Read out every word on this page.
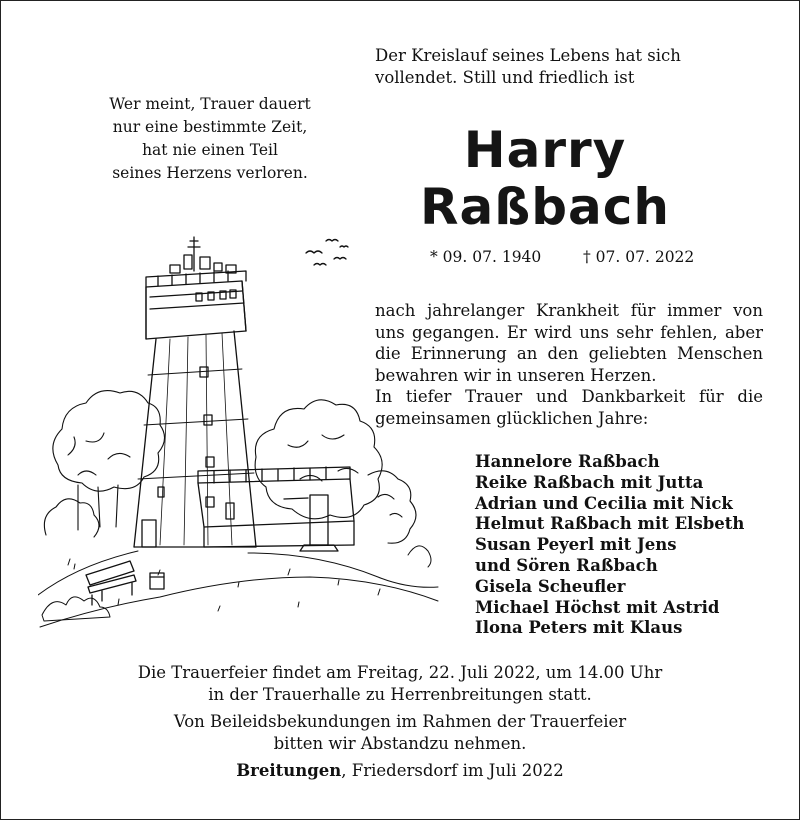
Wer meint, Trauer dauert
nur eine bestimmte Zeit,
hat nie einen Teil
seines Herzens verloren.
Der Kreislauf seines Lebens hat sich
vollendet. Still und friedlich ist
Harry
Raßbach
* 09. 07. 1940	† 07. 07. 2022
nach jahrelanger Krankheit für immer von
uns gegangen. Er wird uns sehr fehlen, aber
die Erinnerung an den geliebten Menschen
bewahren wir in unseren Herzen.
In tiefer Trauer und Dankbarkeit für die
gemeinsamen glücklichen Jahre:
Hannelore Raßbach
Reike Raßbach mit Jutta
Adrian und Cecilia mit Nick
Helmut Raßbach mit Elsbeth
Susan Peyerl mit Jens
und Sören Raßbach
Gisela Scheufler
Michael Höchst mit Astrid
Ilona Peters mit Klaus
Die Trauerfeier findet am Freitag, 22. Juli 2022, um 14.00 Uhr
in der Trauerhalle zu Herrenbreitungen statt.
Von Beileidsbekundungen im Rahmen der Trauerfeier
bitten wir Abstandzu nehmen.
Breitungen, Friedersdorf im Juli 2022
